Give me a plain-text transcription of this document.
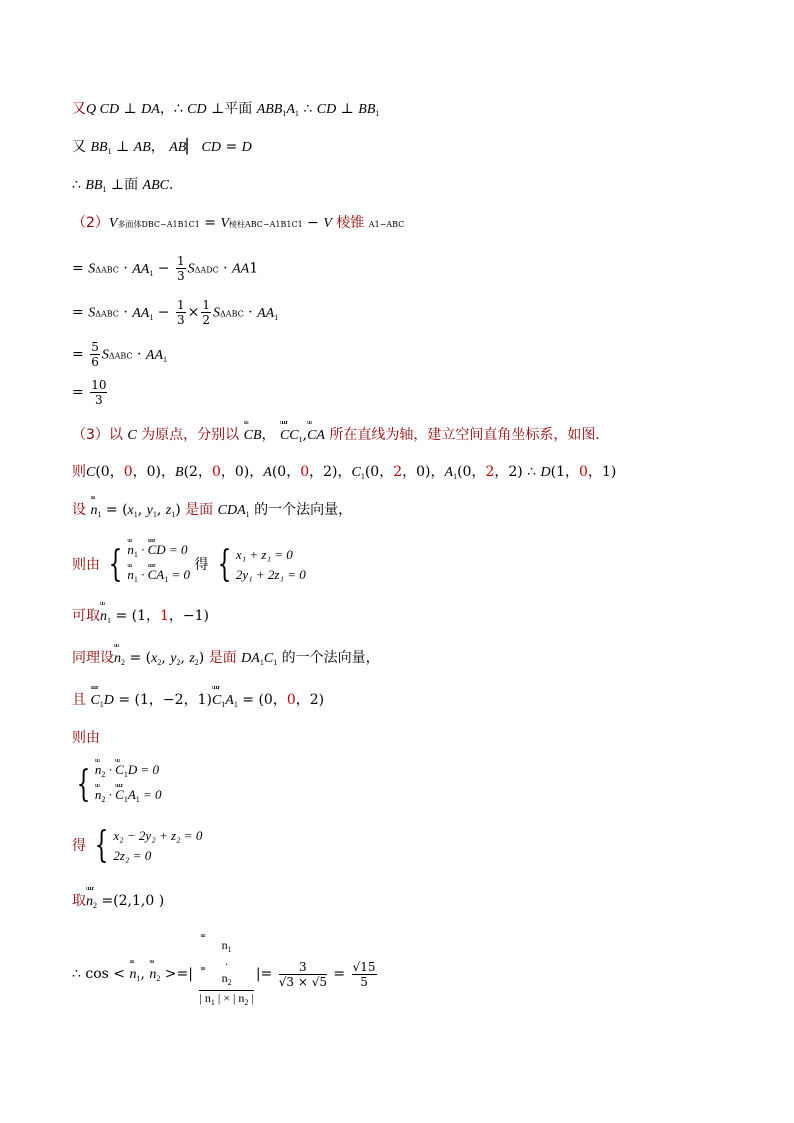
又Q CD ⊥ DA，∴ CD ⊥平面 $ABB_1A_1$ ∴ CD ⊥ $BB_1$
又 $BB_1$ ⊥ AB， AB▏ CD = D
∴ $BB_1$ ⊥面 ABC．
（2）V多面体DBC−A1B1C1 = V棱柱ABC−A1B1C1 − V 棱锥 A1−ABC
= $S\Delta ABC \cdot AA_1 - \frac{1}{3}$ SΔADC · AA1
= $S\Delta ABC \cdot AA_1 - \frac{1}{3} \times \frac{1}{2}$ $S\Delta ABC \cdot AA_1$
= $\frac{5}{6}$ $S\Delta ABC \cdot AA_1$
= $\frac{10}{3}$
（3）以 C 为原点，分别以 uu CB， uuur $CC_1,uu$ CA 所在直线为轴，建立空间直角坐标系，如图．
则C(0，0，0)，B(2，0，0)，A(0，0，2)，$C_1(0$，2，0)，$A_1(0$，2，2) ∴ D(1，0，1)
设 uu $n_1 = (x_1$, $y_1$, $z_1$) 是面 $CDA_1$ 的一个法向量，
则由 { uu $n_1$ · uuur CD = 0
uu $n_1$ · uuur $CA_1 = 0$
得 { x₁ + z₁ = 0
2y₁ + 2z₁ = 0
可取uu $n_1 = (1$，1，−1)
同理设uu $n_2 = (x_2$, $y_2$, $z_2$) 是面 $DA_1C_1$ 的一个法向量，
且 uuur $C_1D = (1$，−2，1)uuur $C_1A_1 = (0$，0，2)
则由
{ uu $n_2$ · uu $C_1D = 0$
uu $n_2$ · uuur $C_1A_1 = 0$
得 { x₂ − 2y₂ + z₂ = 0
2z₂ = 0
取uuur $n_2 =(2,1,0$ )
∴ cos < uu $n_1$, uu $n_2$ >=| uu $n_1$
·
uu $n_2$
| $n_1$ | × | $n_2$ | |= $\frac{3}{√3 \times √5} = \frac{√15}{5}$
